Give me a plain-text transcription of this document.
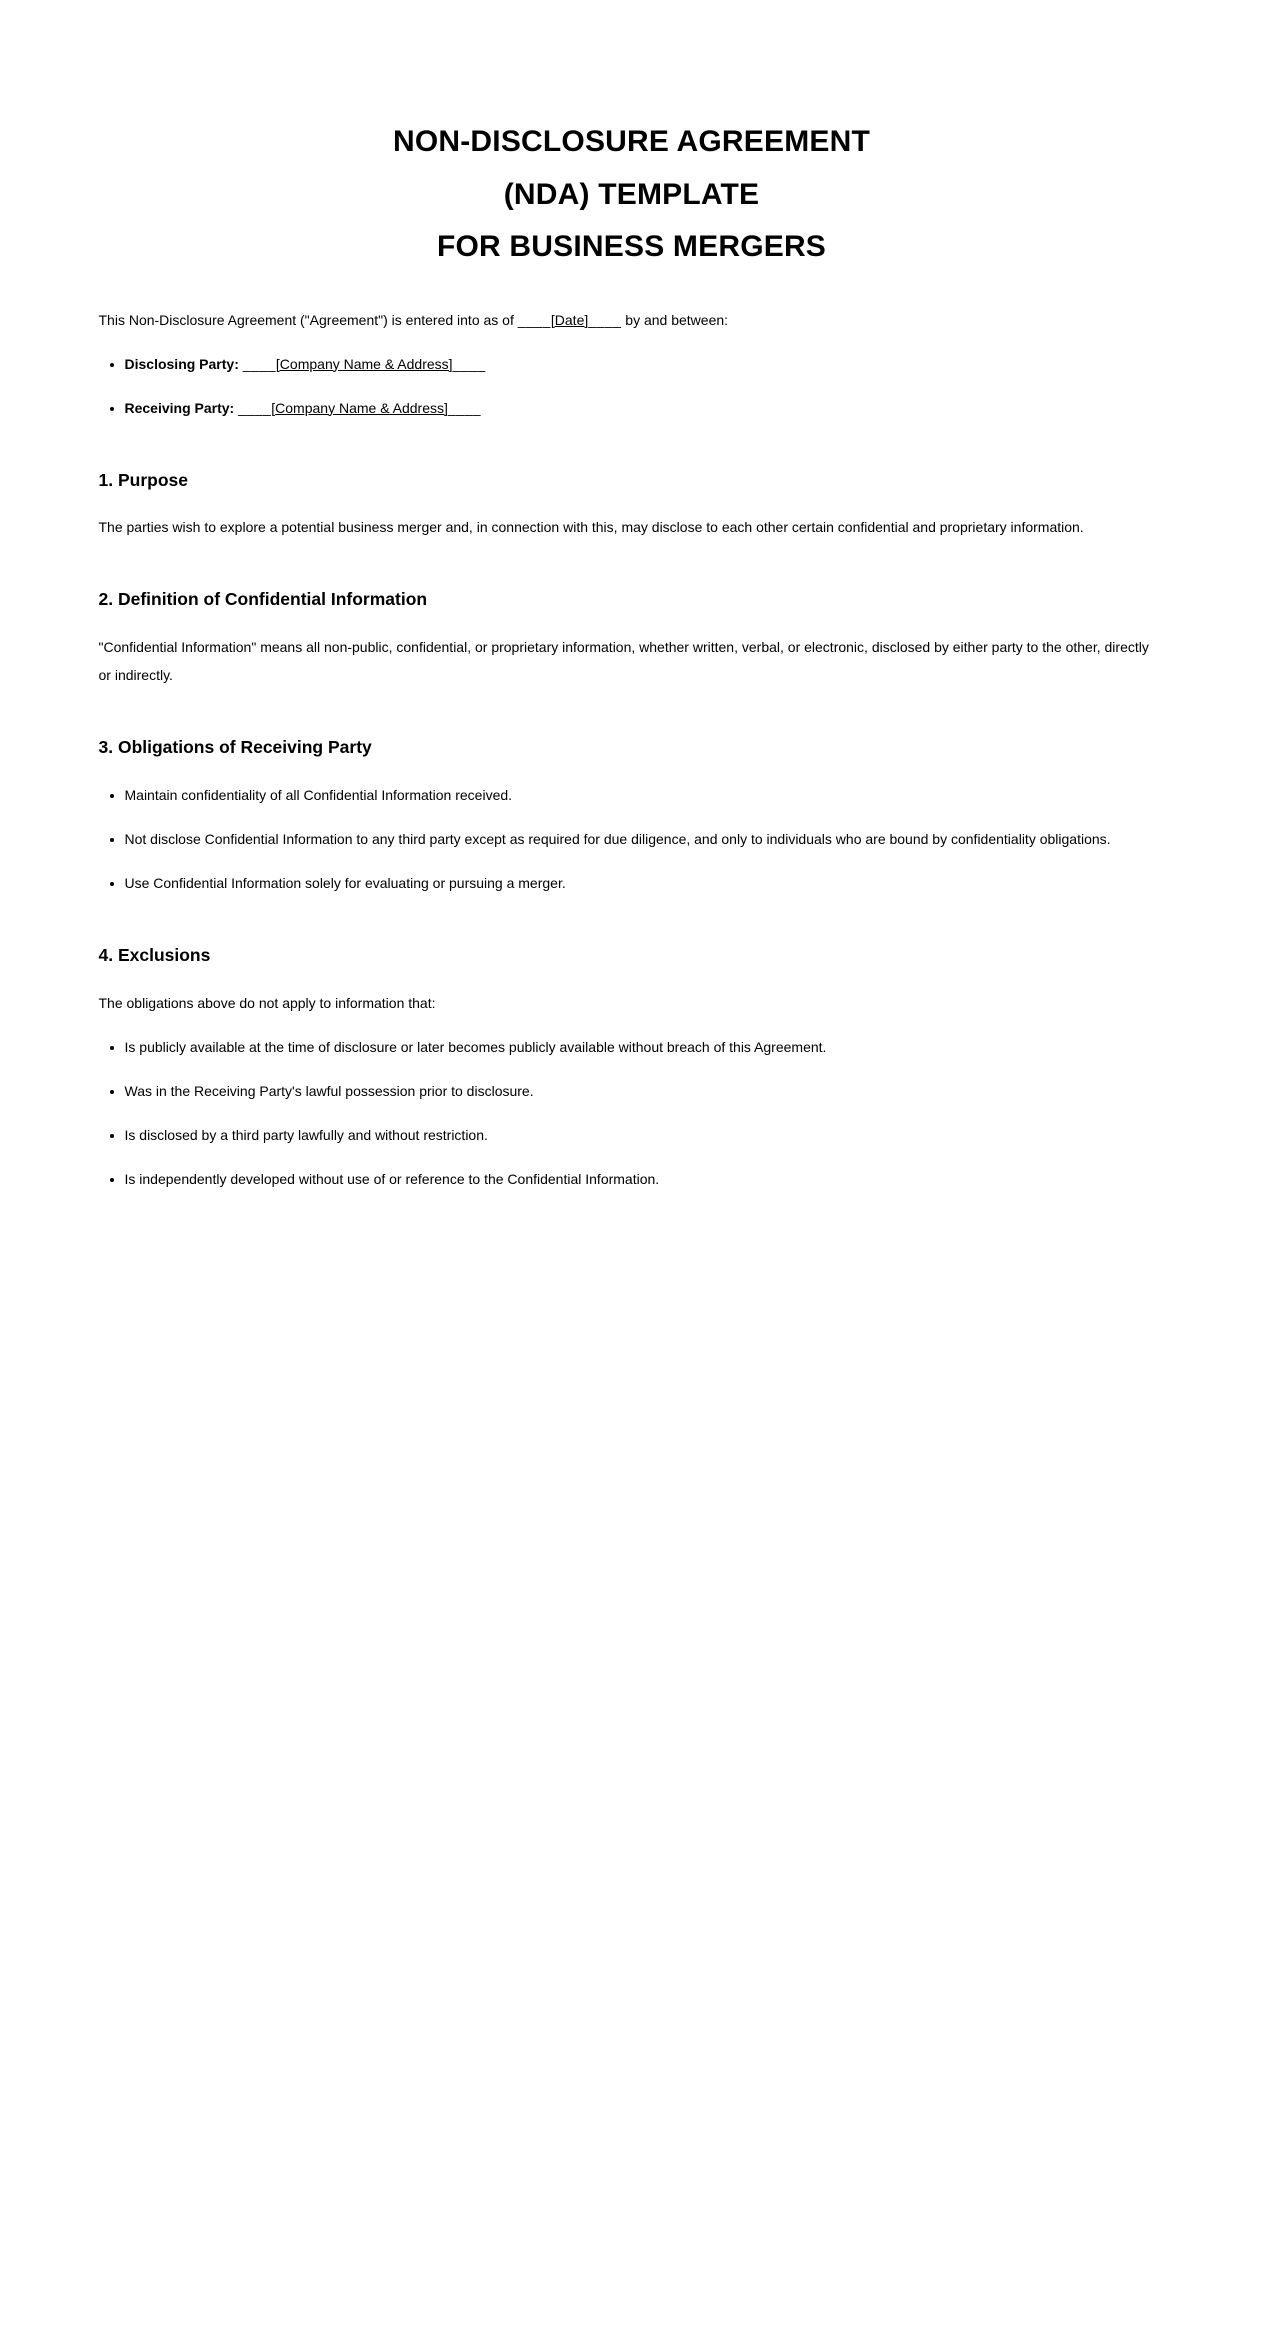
NON-DISCLOSURE AGREEMENT
(NDA) TEMPLATE
FOR BUSINESS MERGERS

This Non-Disclosure Agreement ("Agreement") is entered into as of ____[Date]____ by and between:

• Disclosing Party: ____[Company Name & Address]____
• Receiving Party: ____[Company Name & Address]____
1. Purpose

The parties wish to explore a potential business merger and, in connection with this, may disclose to each other certain confidential and proprietary information.

2. Definition of Confidential Information

"Confidential Information" means all non-public, confidential, or proprietary information, whether written, verbal, or electronic, disclosed by either party to the other, directly or indirectly.

3. Obligations of Receiving Party
• Maintain confidentiality of all Confidential Information received.
• Not disclose Confidential Information to any third party except as required for due diligence, and only to individuals who are bound by confidentiality obligations.
• Use Confidential Information solely for evaluating or pursuing a merger.
4. Exclusions

The obligations above do not apply to information that:

• Is publicly available at the time of disclosure or later becomes publicly available without breach of this Agreement.
• Was in the Receiving Party's lawful possession prior to disclosure.
• Is disclosed by a third party lawfully and without restriction.
• Is independently developed without use of or reference to the Confidential Information.
